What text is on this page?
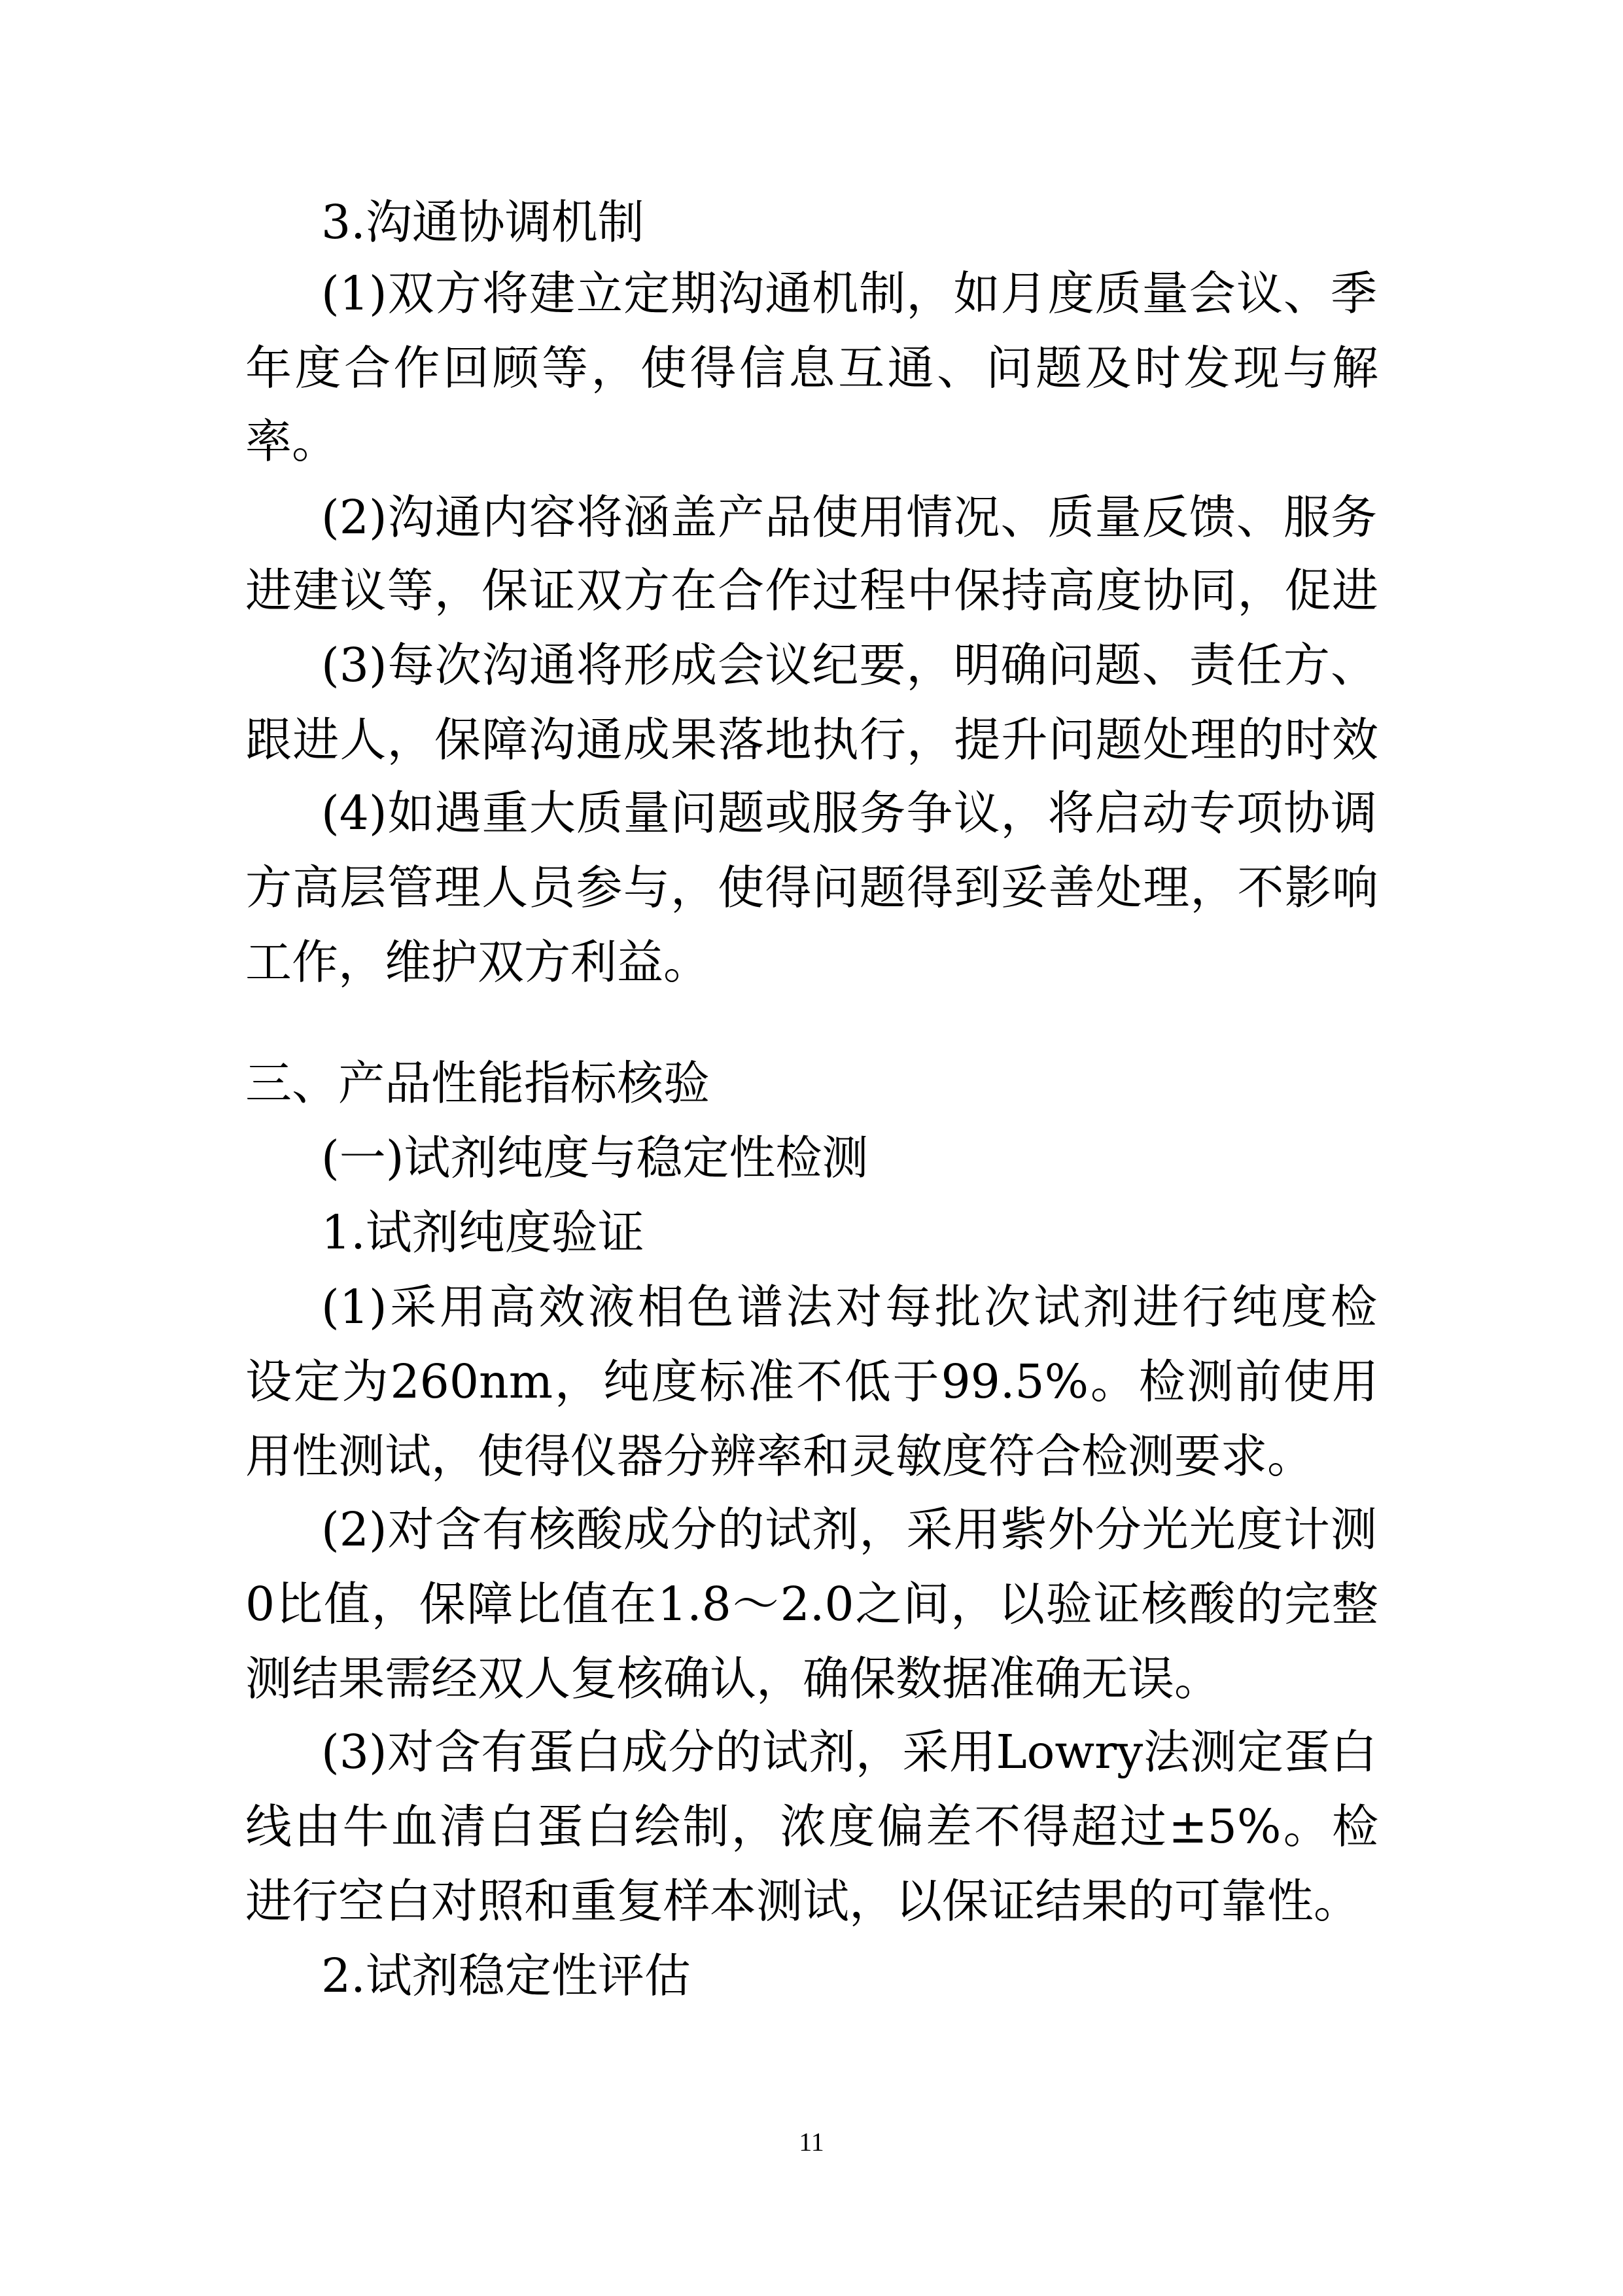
3.沟通协调机制
(1)双方将建立定期沟通机制，如月度质量会议、季
年度合作回顾等，使得信息互通、问题及时发现与解
率。
(2)沟通内容将涵盖产品使用情况、质量反馈、服务
进建议等，保证双方在合作过程中保持高度协同，促进
(3)每次沟通将形成会议纪要，明确问题、责任方、
跟进人，保障沟通成果落地执行，提升问题处理的时效
(4)如遇重大质量问题或服务争议，将启动专项协调
方高层管理人员参与，使得问题得到妥善处理，不影响
工作，维护双方利益。
三、产品性能指标核验
(一)试剂纯度与稳定性检测
1.试剂纯度验证
(1)采用高效液相色谱法对每批次试剂进行纯度检
设定为260nm，纯度标准不低于99.5%。检测前使用
用性测试，使得仪器分辨率和灵敏度符合检测要求。
(2)对含有核酸成分的试剂，采用紫外分光光度计测
0比值，保障比值在1.8～2.0之间，以验证核酸的完整
测结果需经双人复核确认，确保数据准确无误。
(3)对含有蛋白成分的试剂，采用Lowry法测定蛋白
线由牛血清白蛋白绘制，浓度偏差不得超过±5%。检
进行空白对照和重复样本测试，以保证结果的可靠性。
2.试剂稳定性评估
11
